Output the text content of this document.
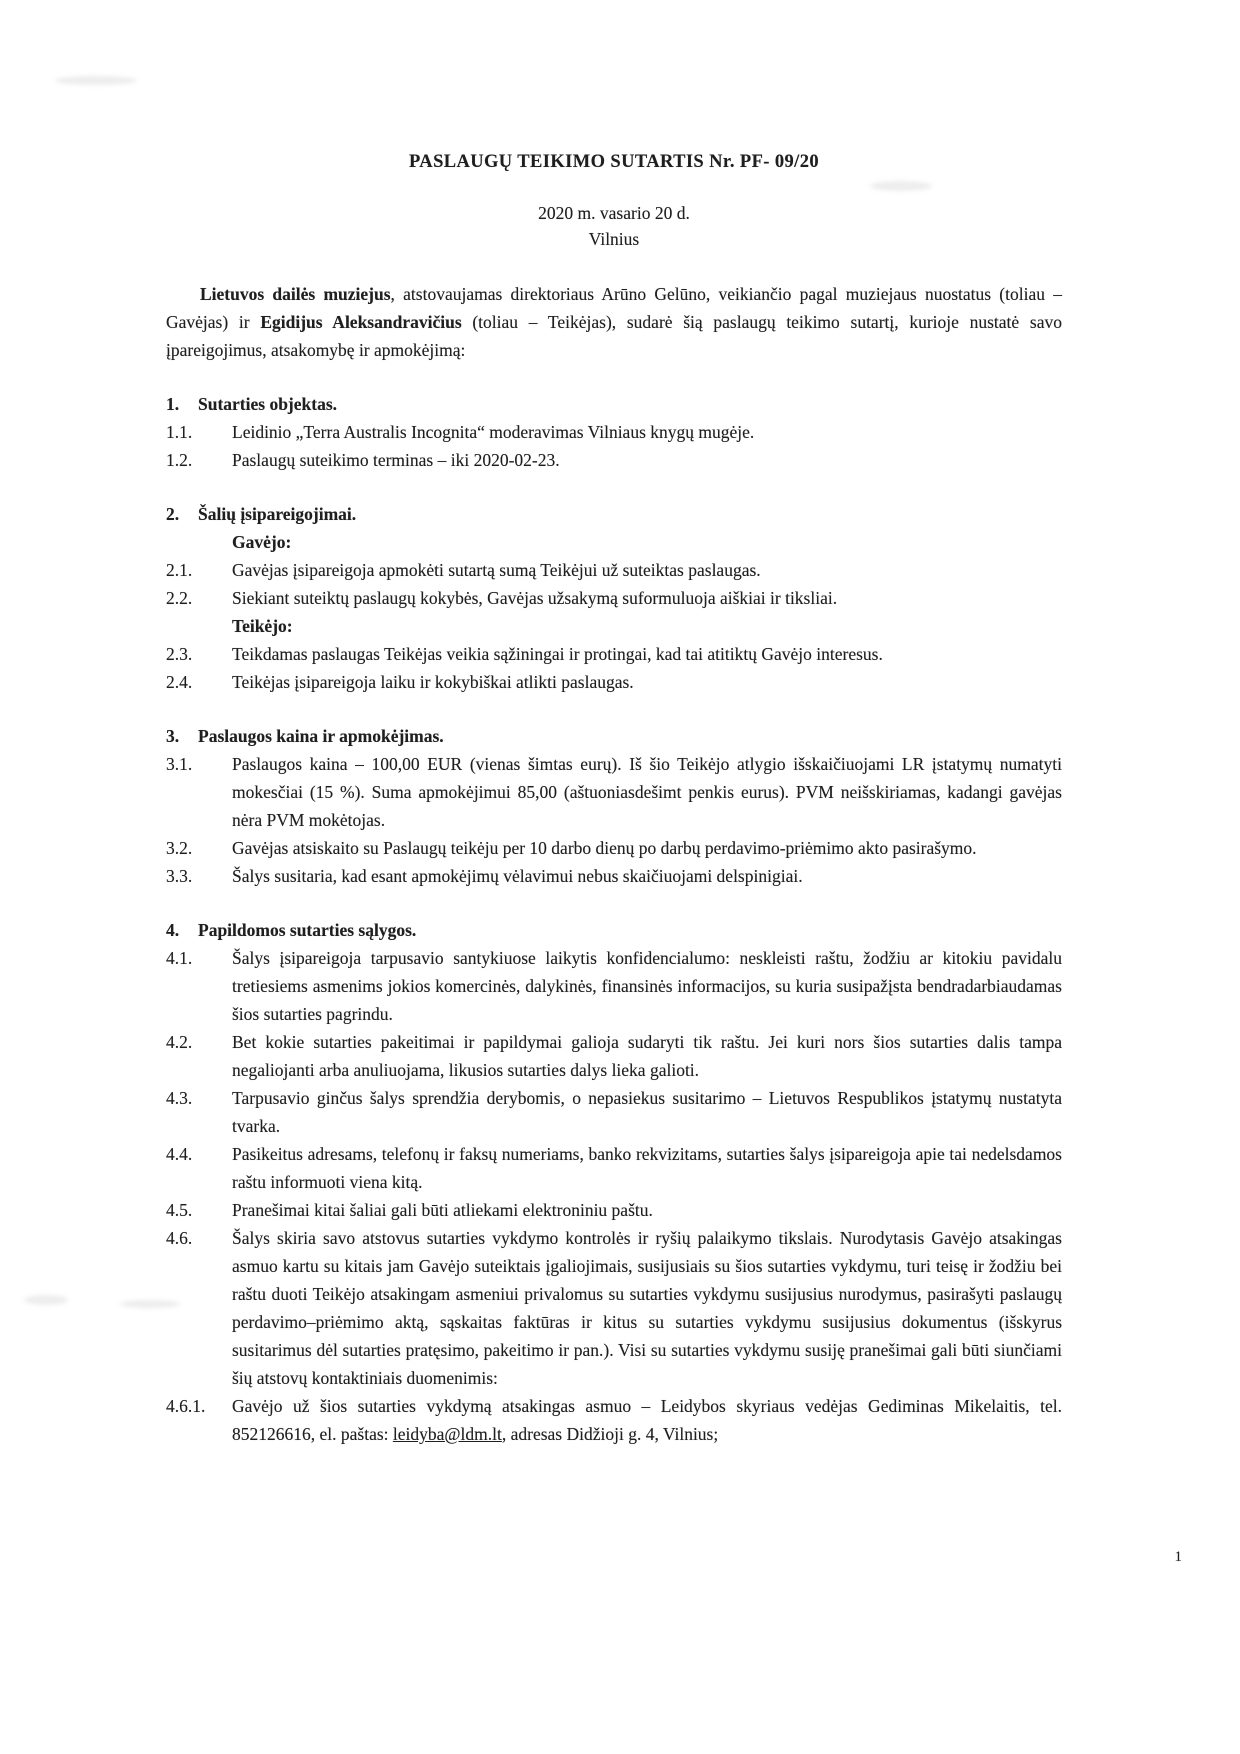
PASLAUGŲ TEIKIMO SUTARTIS Nr. PF- 09/20
2020 m. vasario 20 d.
Vilnius

Lietuvos dailės muziejus, atstovaujamas direktoriaus Arūno Gelūno, veikiančio pagal muziejaus nuostatus (toliau – Gavėjas) ir Egidijus Aleksandravičius (toliau – Teikėjas), sudarė šią paslaugų teikimo sutartį, kurioje nustatė savo įpareigojimus, atsakomybę ir apmokėjimą:

1.	Sutarties objektas.
1.1.	Leidinio „Terra Australis Incognita“ moderavimas Vilniaus knygų mugėje.
1.2.	Paslaugų suteikimo terminas – iki 2020-02-23.
2.	Šalių įsipareigojimai.
Gavėjo:
2.1.	Gavėjas įsipareigoja apmokėti sutartą sumą Teikėjui už suteiktas paslaugas.
2.2.	Siekiant suteiktų paslaugų kokybės, Gavėjas užsakymą suformuluoja aiškiai ir tiksliai.
Teikėjo:
2.3.	Teikdamas paslaugas Teikėjas veikia sąžiningai ir protingai, kad tai atitiktų Gavėjo interesus.
2.4.	Teikėjas įsipareigoja laiku ir kokybiškai atlikti paslaugas.
3.	Paslaugos kaina ir apmokėjimas.
3.1.	Paslaugos kaina – 100,00 EUR (vienas šimtas eurų). Iš šio Teikėjo atlygio išskaičiuojami LR įstatymų numatyti mokesčiai (15 %). Suma apmokėjimui 85,00 (aštuoniasdešimt penkis eurus). PVM neišskiriamas, kadangi gavėjas nėra PVM mokėtojas.
3.2.	Gavėjas atsiskaito su Paslaugų teikėju per 10 darbo dienų po darbų perdavimo-priėmimo akto pasirašymo.
3.3.	Šalys susitaria, kad esant apmokėjimų vėlavimui nebus skaičiuojami delspinigiai.
4.	Papildomos sutarties sąlygos.
4.1.	Šalys įsipareigoja tarpusavio santykiuose laikytis konfidencialumo: neskleisti raštu, žodžiu ar kitokiu pavidalu tretiesiems asmenims jokios komercinės, dalykinės, finansinės informacijos, su kuria susipažįsta bendradarbiaudamas šios sutarties pagrindu.
4.2.	Bet kokie sutarties pakeitimai ir papildymai galioja sudaryti tik raštu. Jei kuri nors šios sutarties dalis tampa negaliojanti arba anuliuojama, likusios sutarties dalys lieka galioti.
4.3.	Tarpusavio ginčus šalys sprendžia derybomis, o nepasiekus susitarimo – Lietuvos Respublikos įstatymų nustatyta tvarka.
4.4.	Pasikeitus adresams, telefonų ir faksų numeriams, banko rekvizitams, sutarties šalys įsipareigoja apie tai nedelsdamos raštu informuoti viena kitą.
4.5.	Pranešimai kitai šaliai gali būti atliekami elektroniniu paštu.
4.6.	Šalys skiria savo atstovus sutarties vykdymo kontrolės ir ryšių palaikymo tikslais. Nurodytasis Gavėjo atsakingas asmuo kartu su kitais jam Gavėjo suteiktais įgaliojimais, susijusiais su šios sutarties vykdymu, turi teisę ir žodžiu bei raštu duoti Teikėjo atsakingam asmeniui privalomus su sutarties vykdymu susijusius nurodymus, pasirašyti paslaugų perdavimo–priėmimo aktą, sąskaitas faktūras ir kitus su sutarties vykdymu susijusius dokumentus (išskyrus susitarimus dėl sutarties pratęsimo, pakeitimo ir pan.). Visi su sutarties vykdymu susiję pranešimai gali būti siunčiami šių atstovų kontaktiniais duomenimis:
4.6.1.	Gavėjo už šios sutarties vykdymą atsakingas asmuo – Leidybos skyriaus vedėjas Gediminas Mikelaitis, tel. 852126616, el. paštas: leidyba@ldm.lt, adresas Didžioji g. 4, Vilnius;
1
